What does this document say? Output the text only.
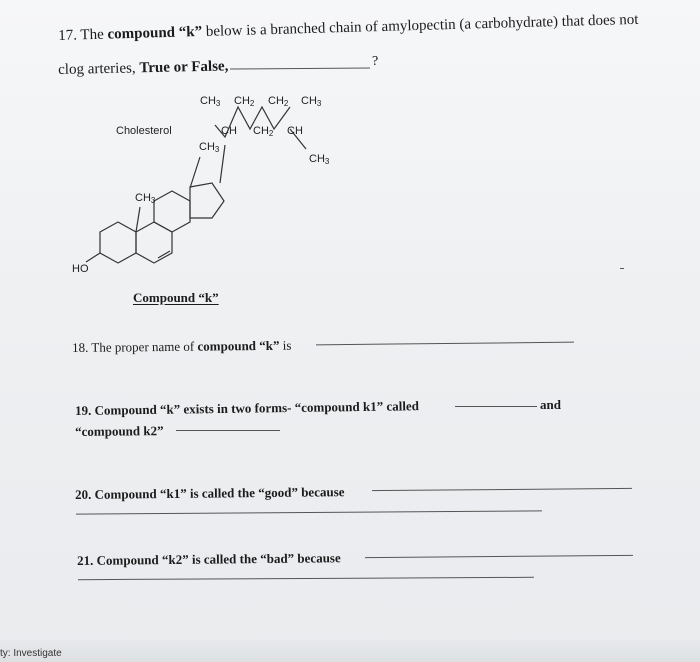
17. The compound “k” below is a branched chain of amylopectin (a carbohydrate) that does not
clog arteries, True or False,	?
$CH_3$ $CH_2$ $CH_2$ $CH_3$
Cholesterol	CH $CH_2$ CH
$CH_3$
$CH_3$
$CH_3$
HO
Compound “k”
18. The proper name of compound “k” is
19. Compound “k” exists in two forms- “compound k1” called	and
“compound k2”
20. Compound “k1” is called the “good” because
21. Compound “k2” is called the “bad” because
ty: Investigate
